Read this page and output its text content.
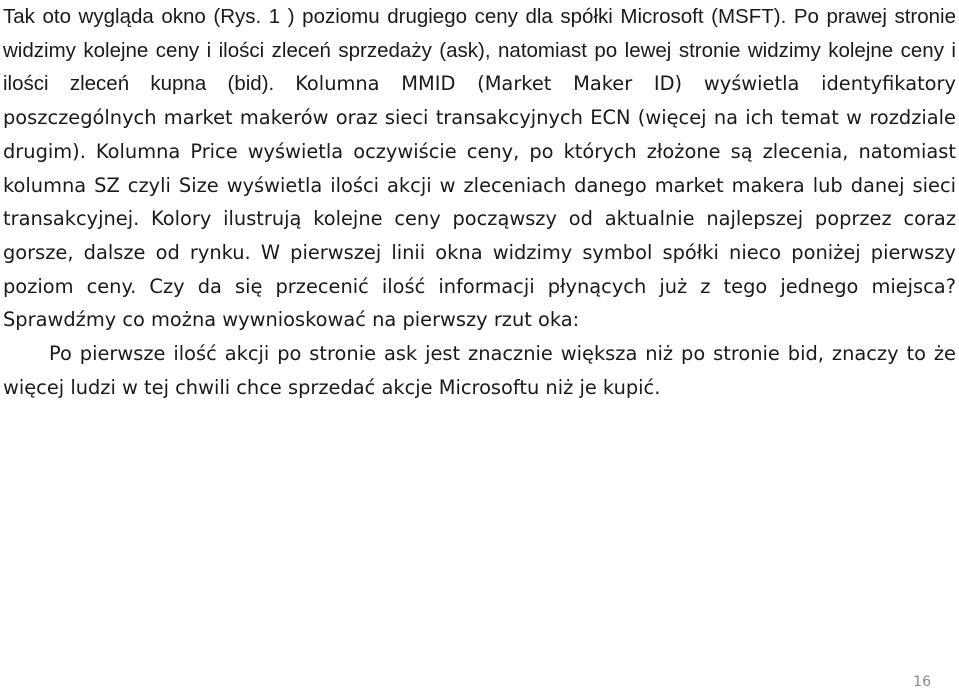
Tak oto wygląda okno (Rys. 1 ) poziomu drugiego ceny dla spółki Microsoft (MSFT). Po prawej stronie widzimy kolejne ceny i ilości zleceń sprzedaży (ask), natomiast po lewej stronie widzimy kolejne ceny i ilości zleceń kupna (bid). Kolumna MMID (Market Maker ID) wyświetla identyfikatory poszczególnych market makerów oraz sieci transakcyjnych ECN (więcej na ich temat w rozdziale drugim). Kolumna Price wyświetla oczywiście ceny, po których złożone są zlecenia, natomiast kolumna SZ czyli Size wyświetla ilości akcji w zleceniach danego market makera lub danej sieci transakcyjnej. Kolory ilustrują kolejne ceny począwszy od aktualnie najlepszej poprzez coraz gorsze, dalsze od rynku. W pierwszej linii okna widzimy symbol spółki nieco poniżej pierwszy poziom ceny. Czy da się przecenić ilość informacji płynących już z tego jednego miejsca? Sprawdźmy co można wywnioskować na pierwszy rzut oka:

Po pierwsze ilość akcji po stronie ask jest znacznie większa niż po stronie bid, znaczy to że więcej ludzi w tej chwili chce sprzedać akcje Microsoftu niż je kupić.

16
